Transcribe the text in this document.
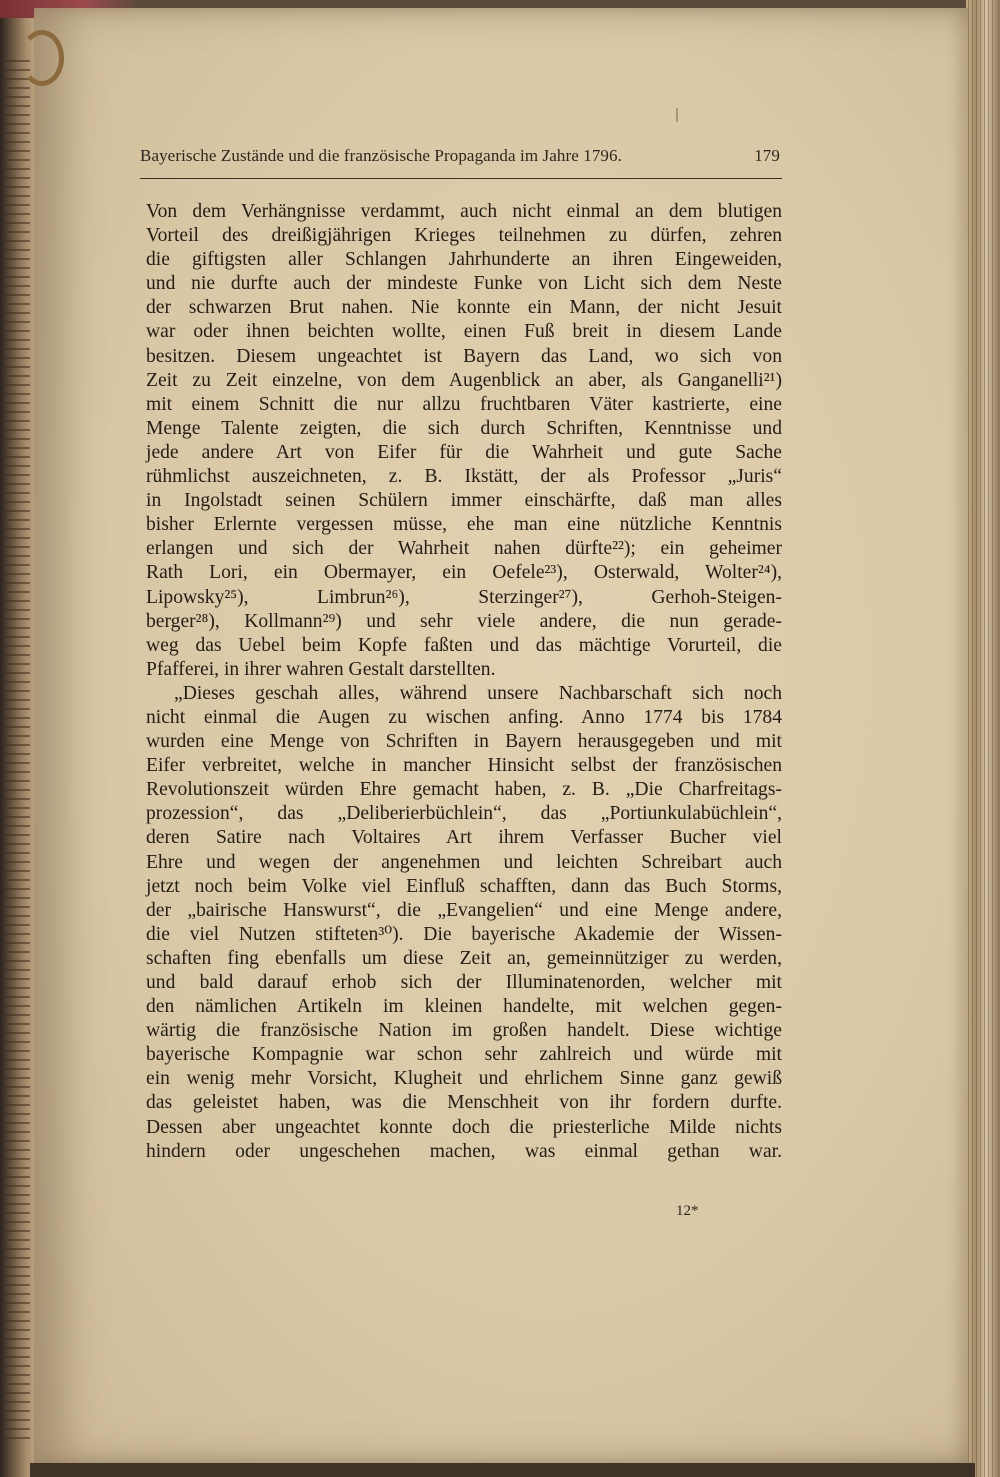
Bayerische Zustände und die französische Propaganda im Jahre 1796.	179
Von dem Verhängnisse verdammt, auch nicht einmal an dem blutigen
Vorteil des dreißigjährigen Krieges teilnehmen zu dürfen, zehren
die giftigsten aller Schlangen Jahrhunderte an ihren Eingeweiden,
und nie durfte auch der mindeste Funke von Licht sich dem Neste
der schwarzen Brut nahen. Nie konnte ein Mann, der nicht Jesuit
war oder ihnen beichten wollte, einen Fuß breit in diesem Lande
besitzen. Diesem ungeachtet ist Bayern das Land, wo sich von
Zeit zu Zeit einzelne, von dem Augenblick an aber, als Ganganelli²¹)
mit einem Schnitt die nur allzu fruchtbaren Väter kastrierte, eine
Menge Talente zeigten, die sich durch Schriften, Kenntnisse und
jede andere Art von Eifer für die Wahrheit und gute Sache
rühmlichst auszeichneten, z. B. Ikstätt, der als Professor „Juris“
in Ingolstadt seinen Schülern immer einschärfte, daß man alles
bisher Erlernte vergessen müsse, ehe man eine nützliche Kenntnis
erlangen und sich der Wahrheit nahen dürfte²²); ein geheimer
Rath Lori, ein Obermayer, ein Oefele²³), Osterwald, Wolter²⁴),
Lipowsky²⁵), Limbrun²⁶), Sterzinger²⁷), Gerhoh-Steigen-
berger²⁸), Kollmann²⁹) und sehr viele andere, die nun gerade-
weg das Uebel beim Kopfe faßten und das mächtige Vorurteil, die
Pfafferei, in ihrer wahren Gestalt darstellten.
„Dieses geschah alles, während unsere Nachbarschaft sich noch
nicht einmal die Augen zu wischen anfing. Anno 1774 bis 1784
wurden eine Menge von Schriften in Bayern herausgegeben und mit
Eifer verbreitet, welche in mancher Hinsicht selbst der französischen
Revolutionszeit würden Ehre gemacht haben, z. B. „Die Charfreitags-
prozession“, das „Deliberierbüchlein“, das „Portiunkulabüchlein“,
deren Satire nach Voltaires Art ihrem Verfasser Bucher viel
Ehre und wegen der angenehmen und leichten Schreibart auch
jetzt noch beim Volke viel Einfluß schafften, dann das Buch Storms,
der „bairische Hanswurst“, die „Evangelien“ und eine Menge andere,
die viel Nutzen stifteten³⁰). Die bayerische Akademie der Wissen-
schaften fing ebenfalls um diese Zeit an, gemeinnütziger zu werden,
und bald darauf erhob sich der Illuminatenorden, welcher mit
den nämlichen Artikeln im kleinen handelte, mit welchen gegen-
wärtig die französische Nation im großen handelt. Diese wichtige
bayerische Kompagnie war schon sehr zahlreich und würde mit
ein wenig mehr Vorsicht, Klugheit und ehrlichem Sinne ganz gewiß
das geleistet haben, was die Menschheit von ihr fordern durfte.
Dessen aber ungeachtet konnte doch die priesterliche Milde nichts
hindern oder ungeschehen machen, was einmal gethan war.
12*
